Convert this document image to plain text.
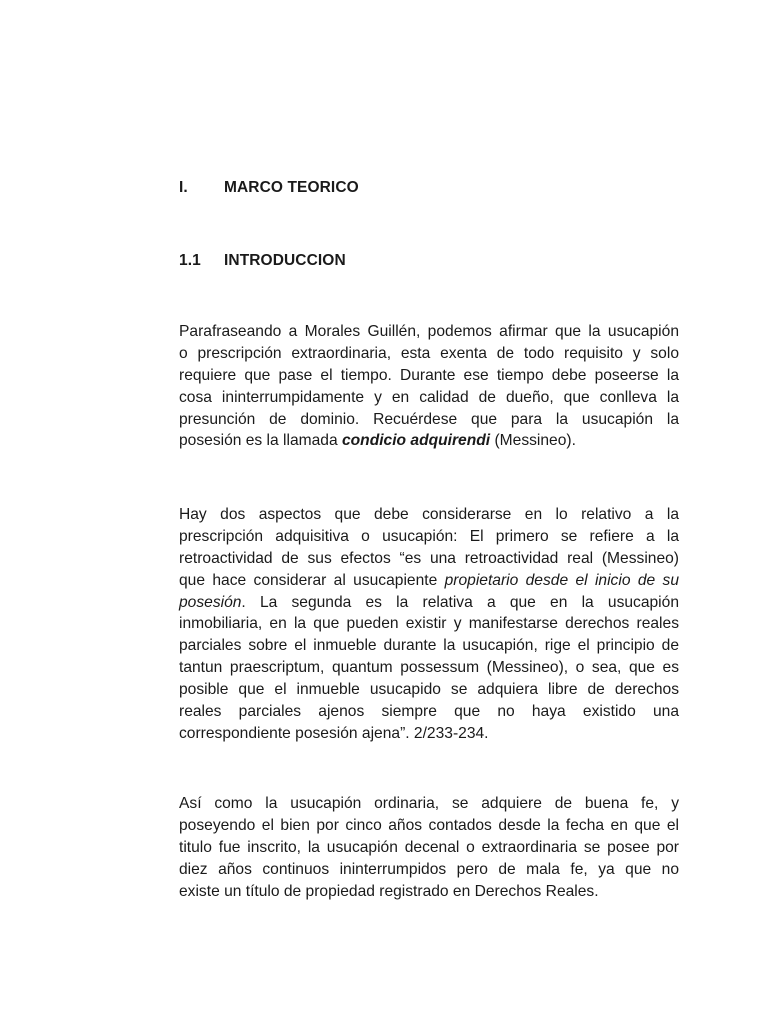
I. MARCO TEORICO
1.1 INTRODUCCION
Parafraseando a Morales Guillén, podemos afirmar que la usucapión
o prescripción extraordinaria, esta exenta de todo requisito y solo
requiere que pase el tiempo. Durante ese tiempo debe poseerse la
cosa ininterrumpidamente y en calidad de dueño, que conlleva la
presunción de dominio. Recuérdese que para la usucapión la
posesión es la llamada condicio adquirendi (Messineo).
Hay dos aspectos que debe considerarse en lo relativo a la
prescripción adquisitiva o usucapión: El primero se refiere a la
retroactividad de sus efectos “es una retroactividad real (Messineo)
que hace considerar al usucapiente propietario desde el inicio de su
posesión. La segunda es la relativa a que en la usucapión
inmobiliaria, en la que pueden existir y manifestarse derechos reales
parciales sobre el inmueble durante la usucapión, rige el principio de
tantun praescriptum, quantum possessum (Messineo), o sea, que es
posible que el inmueble usucapido se adquiera libre de derechos
reales parciales ajenos siempre que no haya existido una
correspondiente posesión ajena”. 2/233-234.
Así como la usucapión ordinaria, se adquiere de buena fe, y
poseyendo el bien por cinco años contados desde la fecha en que el
titulo fue inscrito, la usucapión decenal o extraordinaria se posee por
diez años continuos ininterrumpidos pero de mala fe, ya que no
existe un título de propiedad registrado en Derechos Reales.
